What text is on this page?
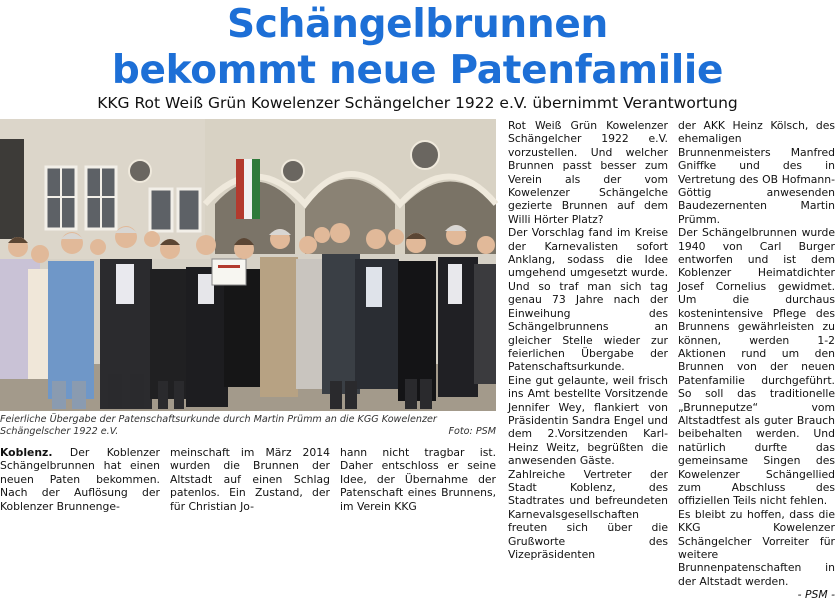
Schängelbrunnen
bekommt neue Patenfamilie
KKG Rot Weiß Grün Kowelenzer Schängelcher 1922 e.V. übernimmt Verantwortung
Feierliche Übergabe der Patenschaftsurkunde durch Martin Prümm an die KGG Kowelenzer Schängelscher 1922 e.V.	Foto: PSM

Koblenz. Der Koblenzer Schängelbrunnen hat einen neuen Paten bekommen. Nach der Auflösung der Koblenzer Brunnenge-

meinschaft im März 2014 wurden die Brunnen der Altstadt auf einen Schlag patenlos. Ein Zustand, der für Christian Jo-

hann nicht tragbar ist. Daher entschloss er seine Idee, der Übernahme der Patenschaft eines Brunnens, im Verein KKG

Rot Weiß Grün Kowelenzer Schängelcher 1922 e.V. vorzustellen. Und welcher Brunnen passt besser zum Verein als der vom Kowelenzer Schängelche gezierte Brunnen auf dem Willi Hörter Platz?

Der Vorschlag fand im Kreise der Karnevalisten sofort Anklang, sodass die Idee umgehend umgesetzt wurde. Und so traf man sich tag genau 73 Jahre nach der Einweihung des Schängelbrunnens an gleicher Stelle wieder zur feierlichen Übergabe der Patenschaftsurkunde.

Eine gut gelaunte, weil frisch ins Amt bestellte Vorsitzende Jennifer Wey, flankiert von Präsidentin Sandra Engel und dem 2.Vorsitzenden Karl-Heinz Weitz, begrüßten die anwesenden Gäste.

Zahlreiche Vertreter der Stadt Koblenz, des Stadtrates und befreundeten Karnevalsgesellschaften freuten sich über die Grußworte des Vizepräsidenten

der AKK Heinz Kölsch, des ehemaligen Brunnenmeisters Manfred Gniffke und des in Vertretung des OB Hofmann-Göttig anwesenden Baudezernenten Martin Prümm.

Der Schängelbrunnen wurde 1940 von Carl Burger entworfen und ist dem Koblenzer Heimatdichter Josef Cornelius gewidmet. Um die durchaus kostenintensive Pflege des Brunnens gewährleisten zu können, werden 1-2 Aktionen rund um den Brunnen von der neuen Patenfamilie durchgeführt. So soll das traditionelle „Brunneputze“ vom Altstadtfest als guter Brauch beibehalten werden. Und natürlich durfte das gemeinsame Singen des Kowelenzer Schängellied zum Abschluss des offiziellen Teils nicht fehlen.

Es bleibt zu hoffen, dass die KKG Kowelenzer Schängelcher Vorreiter für weitere Brunnenpatenschaften in der Altstadt werden.

- PSM -
